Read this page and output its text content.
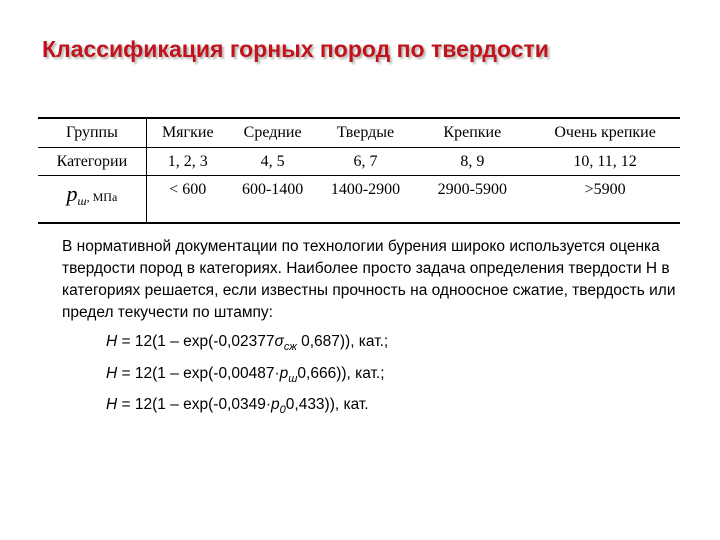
Классификация горных пород по твердости
Группы	Мягкие	Средние	Твердые	Крепкие	Очень крепкие
Категории	1, 2, 3	4, 5	6, 7	8, 9	10, 11, 12
$p_ш$, МПа	< 600	600-1400	1400-2900	2900-5900	>5900
В нормативной документации по технологии бурения широко используется оценка твердости пород в категориях. Наиболее просто задача определения твердости Н в категориях решается, если известны прочность на одноосное сжатие, твердость или предел текучести по штампу:
$Н = 12(1 - \exp(-0,02377\sigma_{сж}$ 0,687)), кат.;
$Н = 12(1 - \exp(-0,00487\cdot р_ш0,666))$, кат.;
$Н = 12(1 - \exp(-0,0349\cdot р_00,433))$, кат.
